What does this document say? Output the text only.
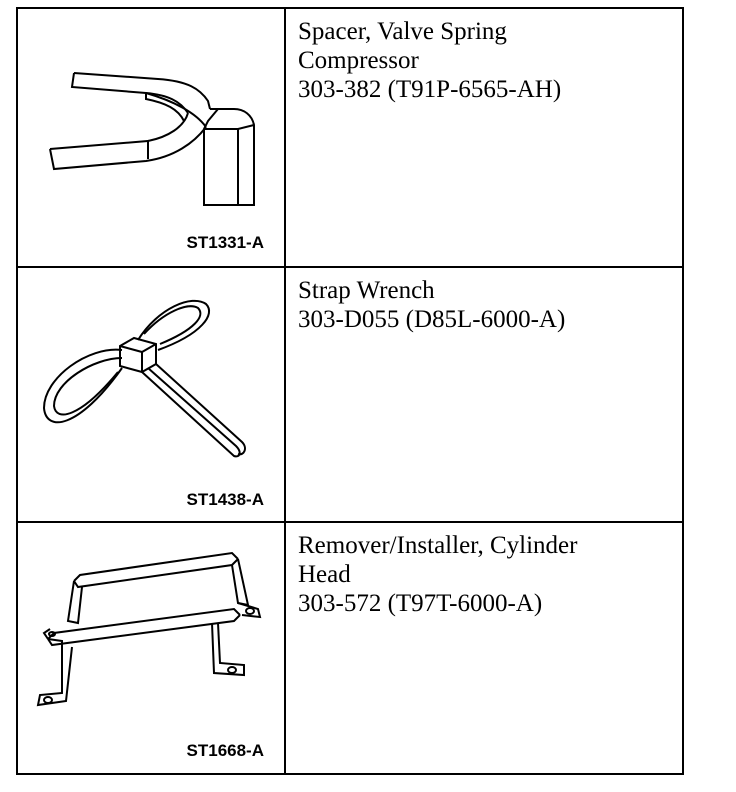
ST1331-A
Spacer, Valve Spring
Compressor
303-382 (T91P-6565-AH)
ST1438-A
Strap Wrench
303-D055 (D85L-6000-A)
ST1668-A
Remover/Installer, Cylinder
Head
303-572 (T97T-6000-A)
